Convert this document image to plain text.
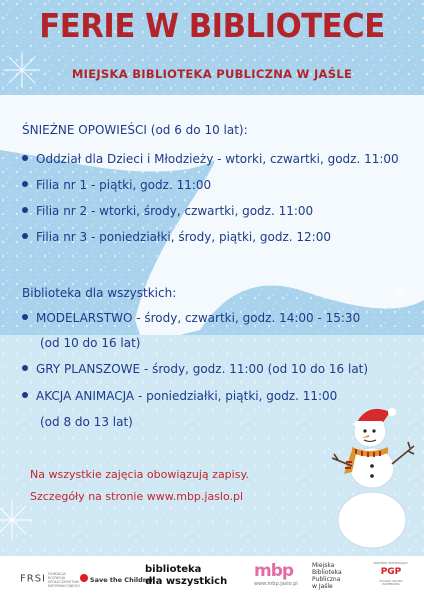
FERIE W BIBLIOTECE
MIEJSKA BIBLIOTEKA PUBLICZNA W JAŚLE
ŚNIEŻNE OPOWIEŚCI (od 6 do 10 lat):
Oddział dla Dzieci i Młodzieży - wtorki, czwartki, godz. 11:00
Filia nr 1 - piątki, godz. 11:00
Filia nr 2 - wtorki, środy, czwartki, godz. 11:00
Filia nr 3 - poniedziałki, środy, piątki, godz. 12:00
Biblioteka dla wszystkich:
MODELARSTWO - środy, czwartki, godz. 14:00 - 15:30
(od 10 do 16 lat)
GRY PLANSZOWE - środy, godz. 11:00 (od 10 do 16 lat)
AKCJA ANIMACJA - poniedziałki, piątki, godz. 11:00
(od 8 do 13 lat)
Na wszystkie zajęcia obowiązują zapisy.
Szczegóły na stronie www.mbp.jaslo.pl
FRSI FUNDACJA ROZWOJU SPOŁECZEŃSTWA INFORMACYJNEGO
Save the Children
biblioteka
dla wszystkich
mbp
www.mbp.jaslo.pl
Miejska
Biblioteka
Publiczna
w Jaśle
PARTNER WSPIERAJĄCY
PGP
POLSKA GRUPA PAPIEROWA
